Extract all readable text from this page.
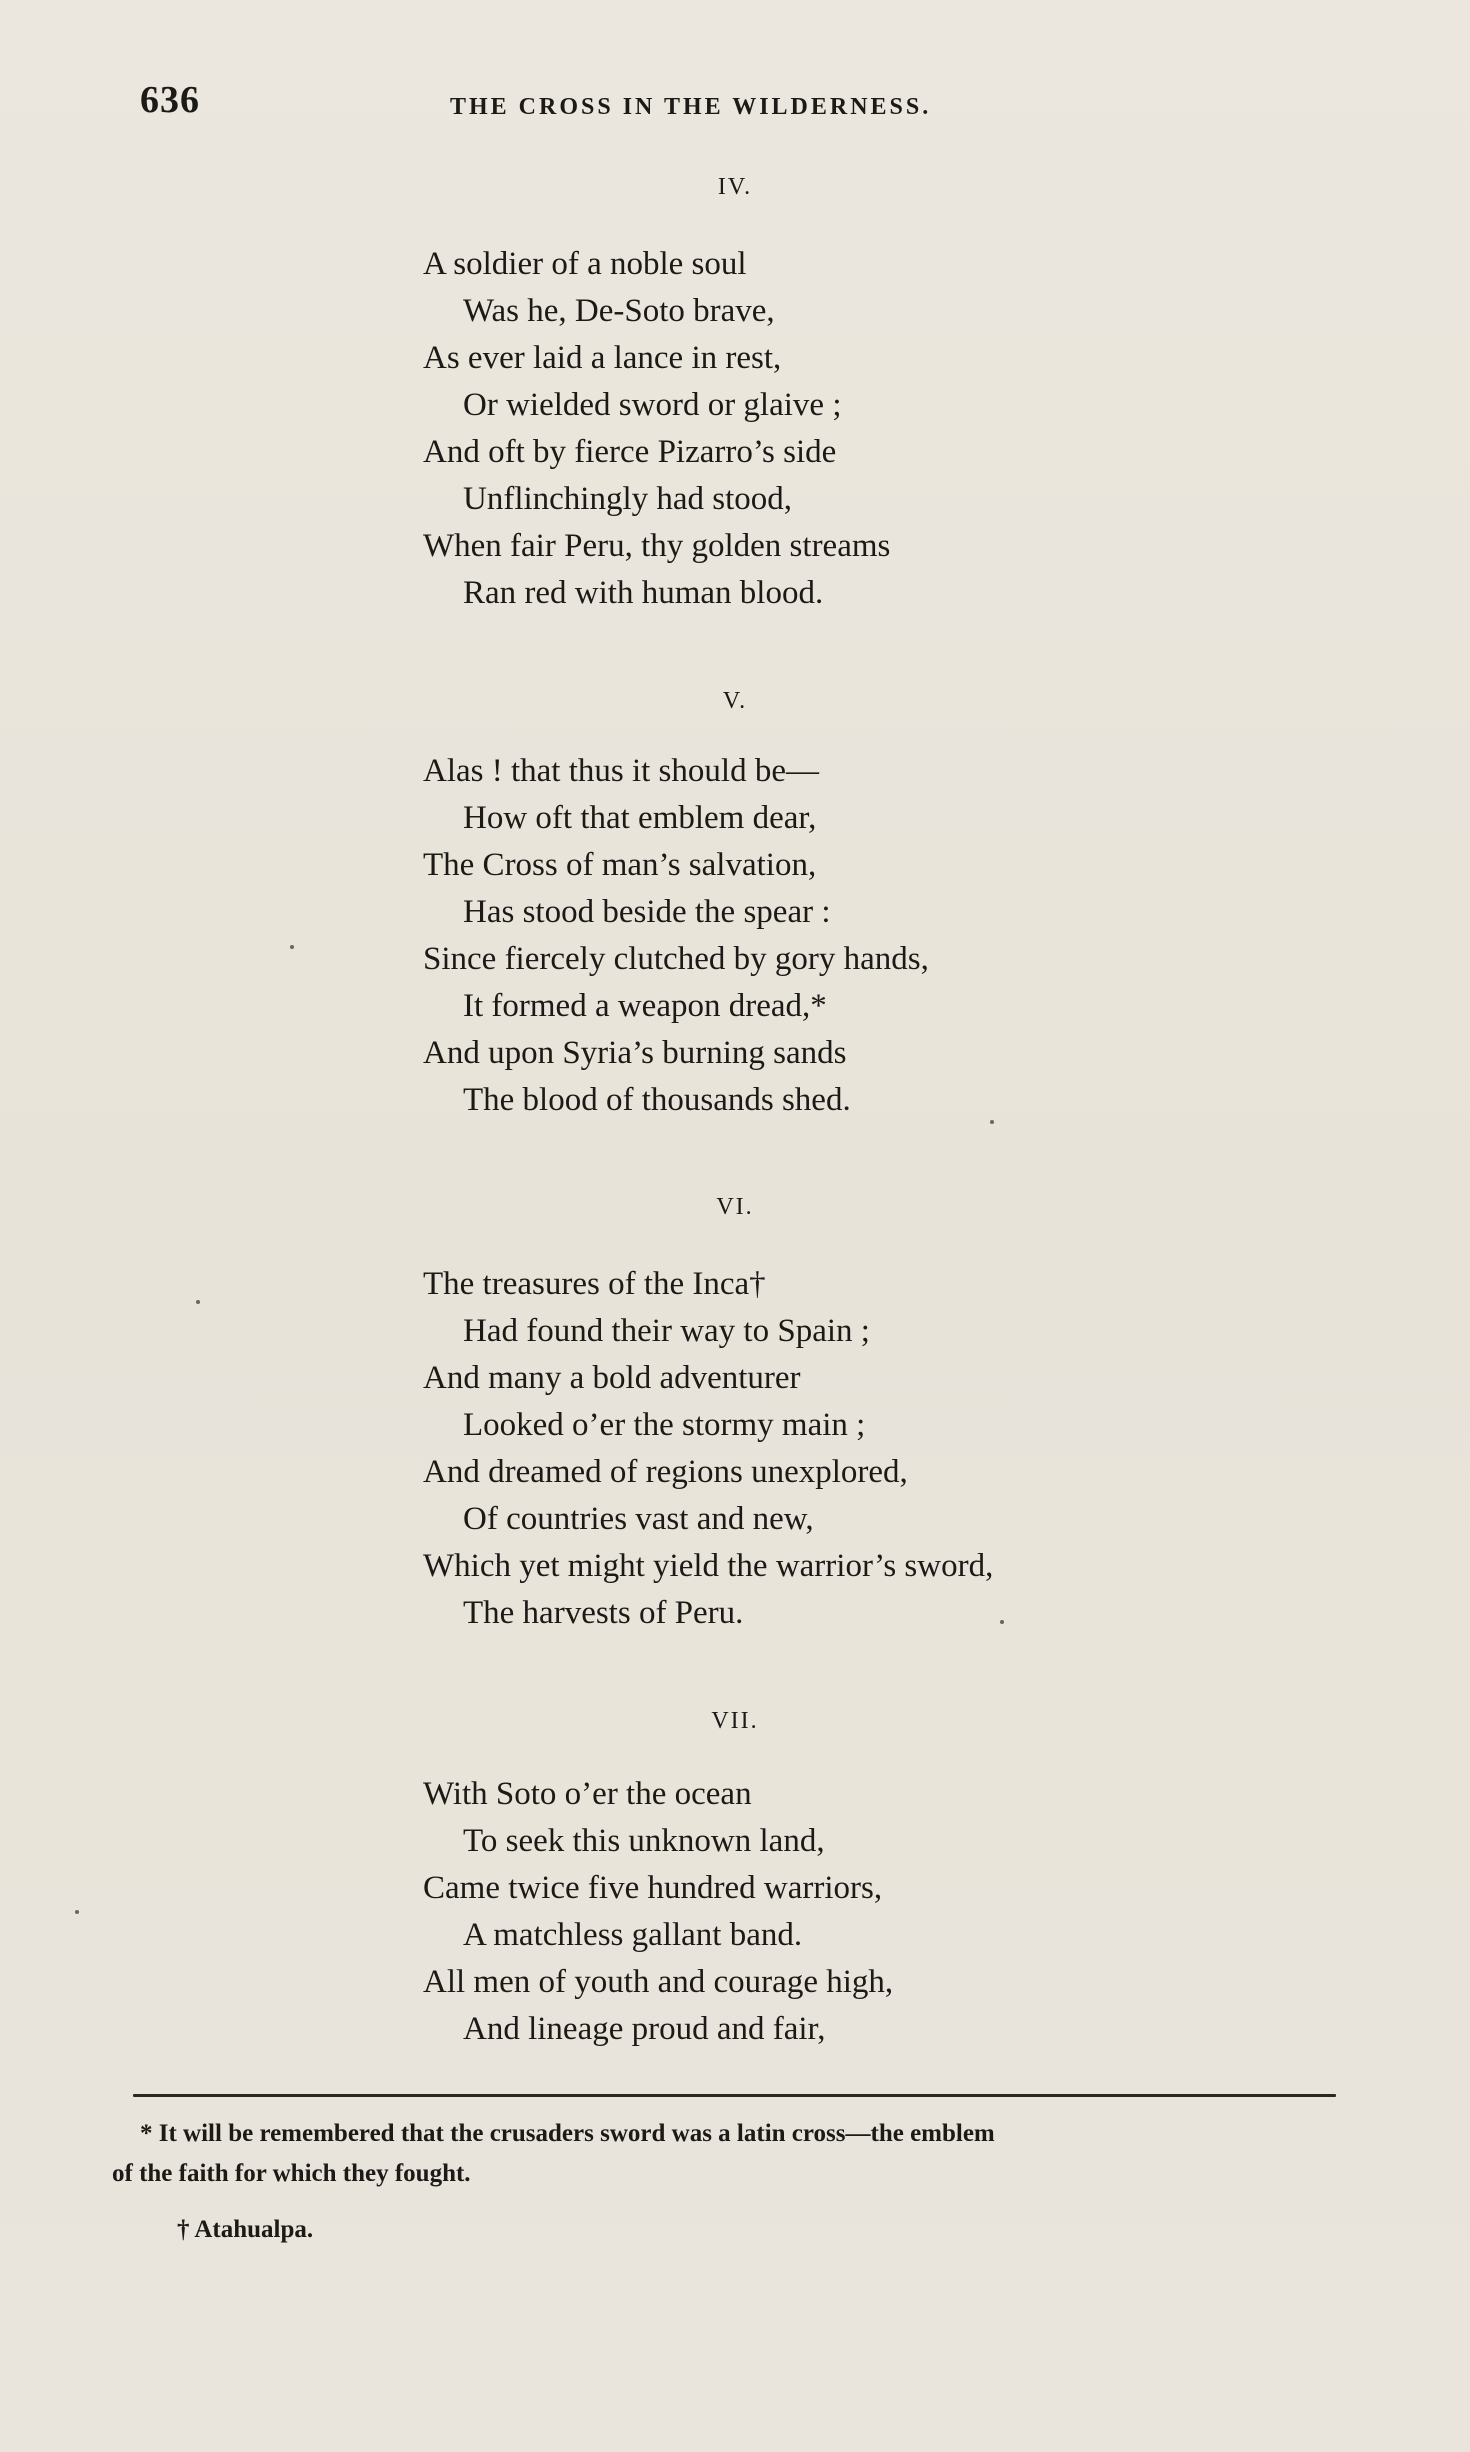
636	THE CROSS IN THE WILDERNESS.
IV.
A soldier of a noble soul
Was he, De-Soto brave,
As ever laid a lance in rest,
Or wielded sword or glaive ;
And oft by fierce Pizarro’s side
Unflinchingly had stood,
When fair Peru, thy golden streams
Ran red with human blood.
V.
Alas ! that thus it should be—
How oft that emblem dear,
The Cross of man’s salvation,
Has stood beside the spear :
Since fiercely clutched by gory hands,
It formed a weapon dread,*
And upon Syria’s burning sands
The blood of thousands shed.
VI.
The treasures of the Inca†
Had found their way to Spain ;
And many a bold adventurer
Looked o’er the stormy main ;
And dreamed of regions unexplored,
Of countries vast and new,
Which yet might yield the warrior’s sword,
The harvests of Peru.
VII.
With Soto o’er the ocean
To seek this unknown land,
Came twice five hundred warriors,
A matchless gallant band.
All men of youth and courage high,
And lineage proud and fair,
* It will be remembered that the crusaders sword was a latin cross—the emblem
of the faith for which they fought.
† Atahualpa.
